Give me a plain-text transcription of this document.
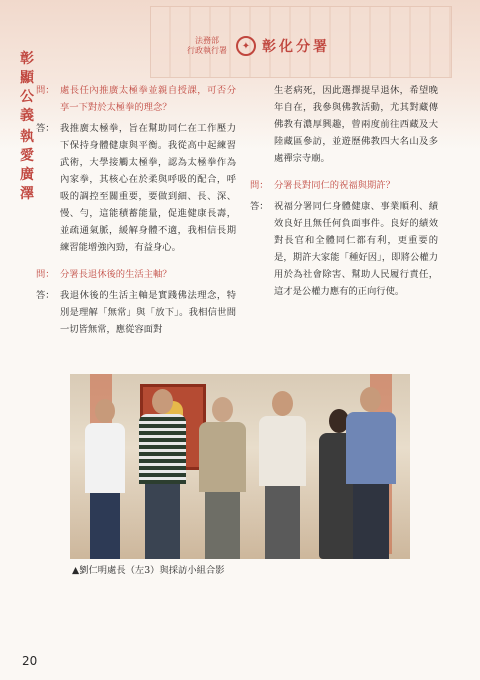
法務部
行政執行署	✦ 彰化分署
彰顯公義
執愛廣澤
問： 處長任內推廣太極拳並親自授課，可否分享一下對於太極拳的理念？
答： 我推廣太極拳，旨在幫助同仁在工作壓力下保持身體健康與平衡。我從高中起練習武術，大學接觸太極拳，認為太極拳作為內家拳，其核心在於柔與呼吸的配合，呼吸的調控至關重要，要做到細、長、深、慢、勻，這能積蓄能量，促進健康長壽，並疏通氣脈，緩解身體不適，我相信長期練習能增強內勁，有益身心。
問： 分署長退休後的生活主軸？
答： 我退休後的生活主軸是實踐佛法理念，特別是理解「無常」與「放下」。我相信世間一切皆無常，應從容面對
生老病死，因此選擇提早退休，希望晚年自在，我參與佛教活動，尤其對藏傳佛教有濃厚興趣，曾兩度前往西藏及大陸藏區參訪，並遊歷佛教四大名山及多處禪宗寺廟。
問： 分署長對同仁的祝福與期許？
答： 祝福分署同仁身體健康、事業順利、績效良好且無任何負面事件。良好的績效對長官和全體同仁都有利，更重要的是，期許大家能「種好因」，即將公權力用於為社會除害、幫助人民履行責任，這才是公權力應有的正向行使。
▲劉仁明處長（左3）與採訪小組合影
20
